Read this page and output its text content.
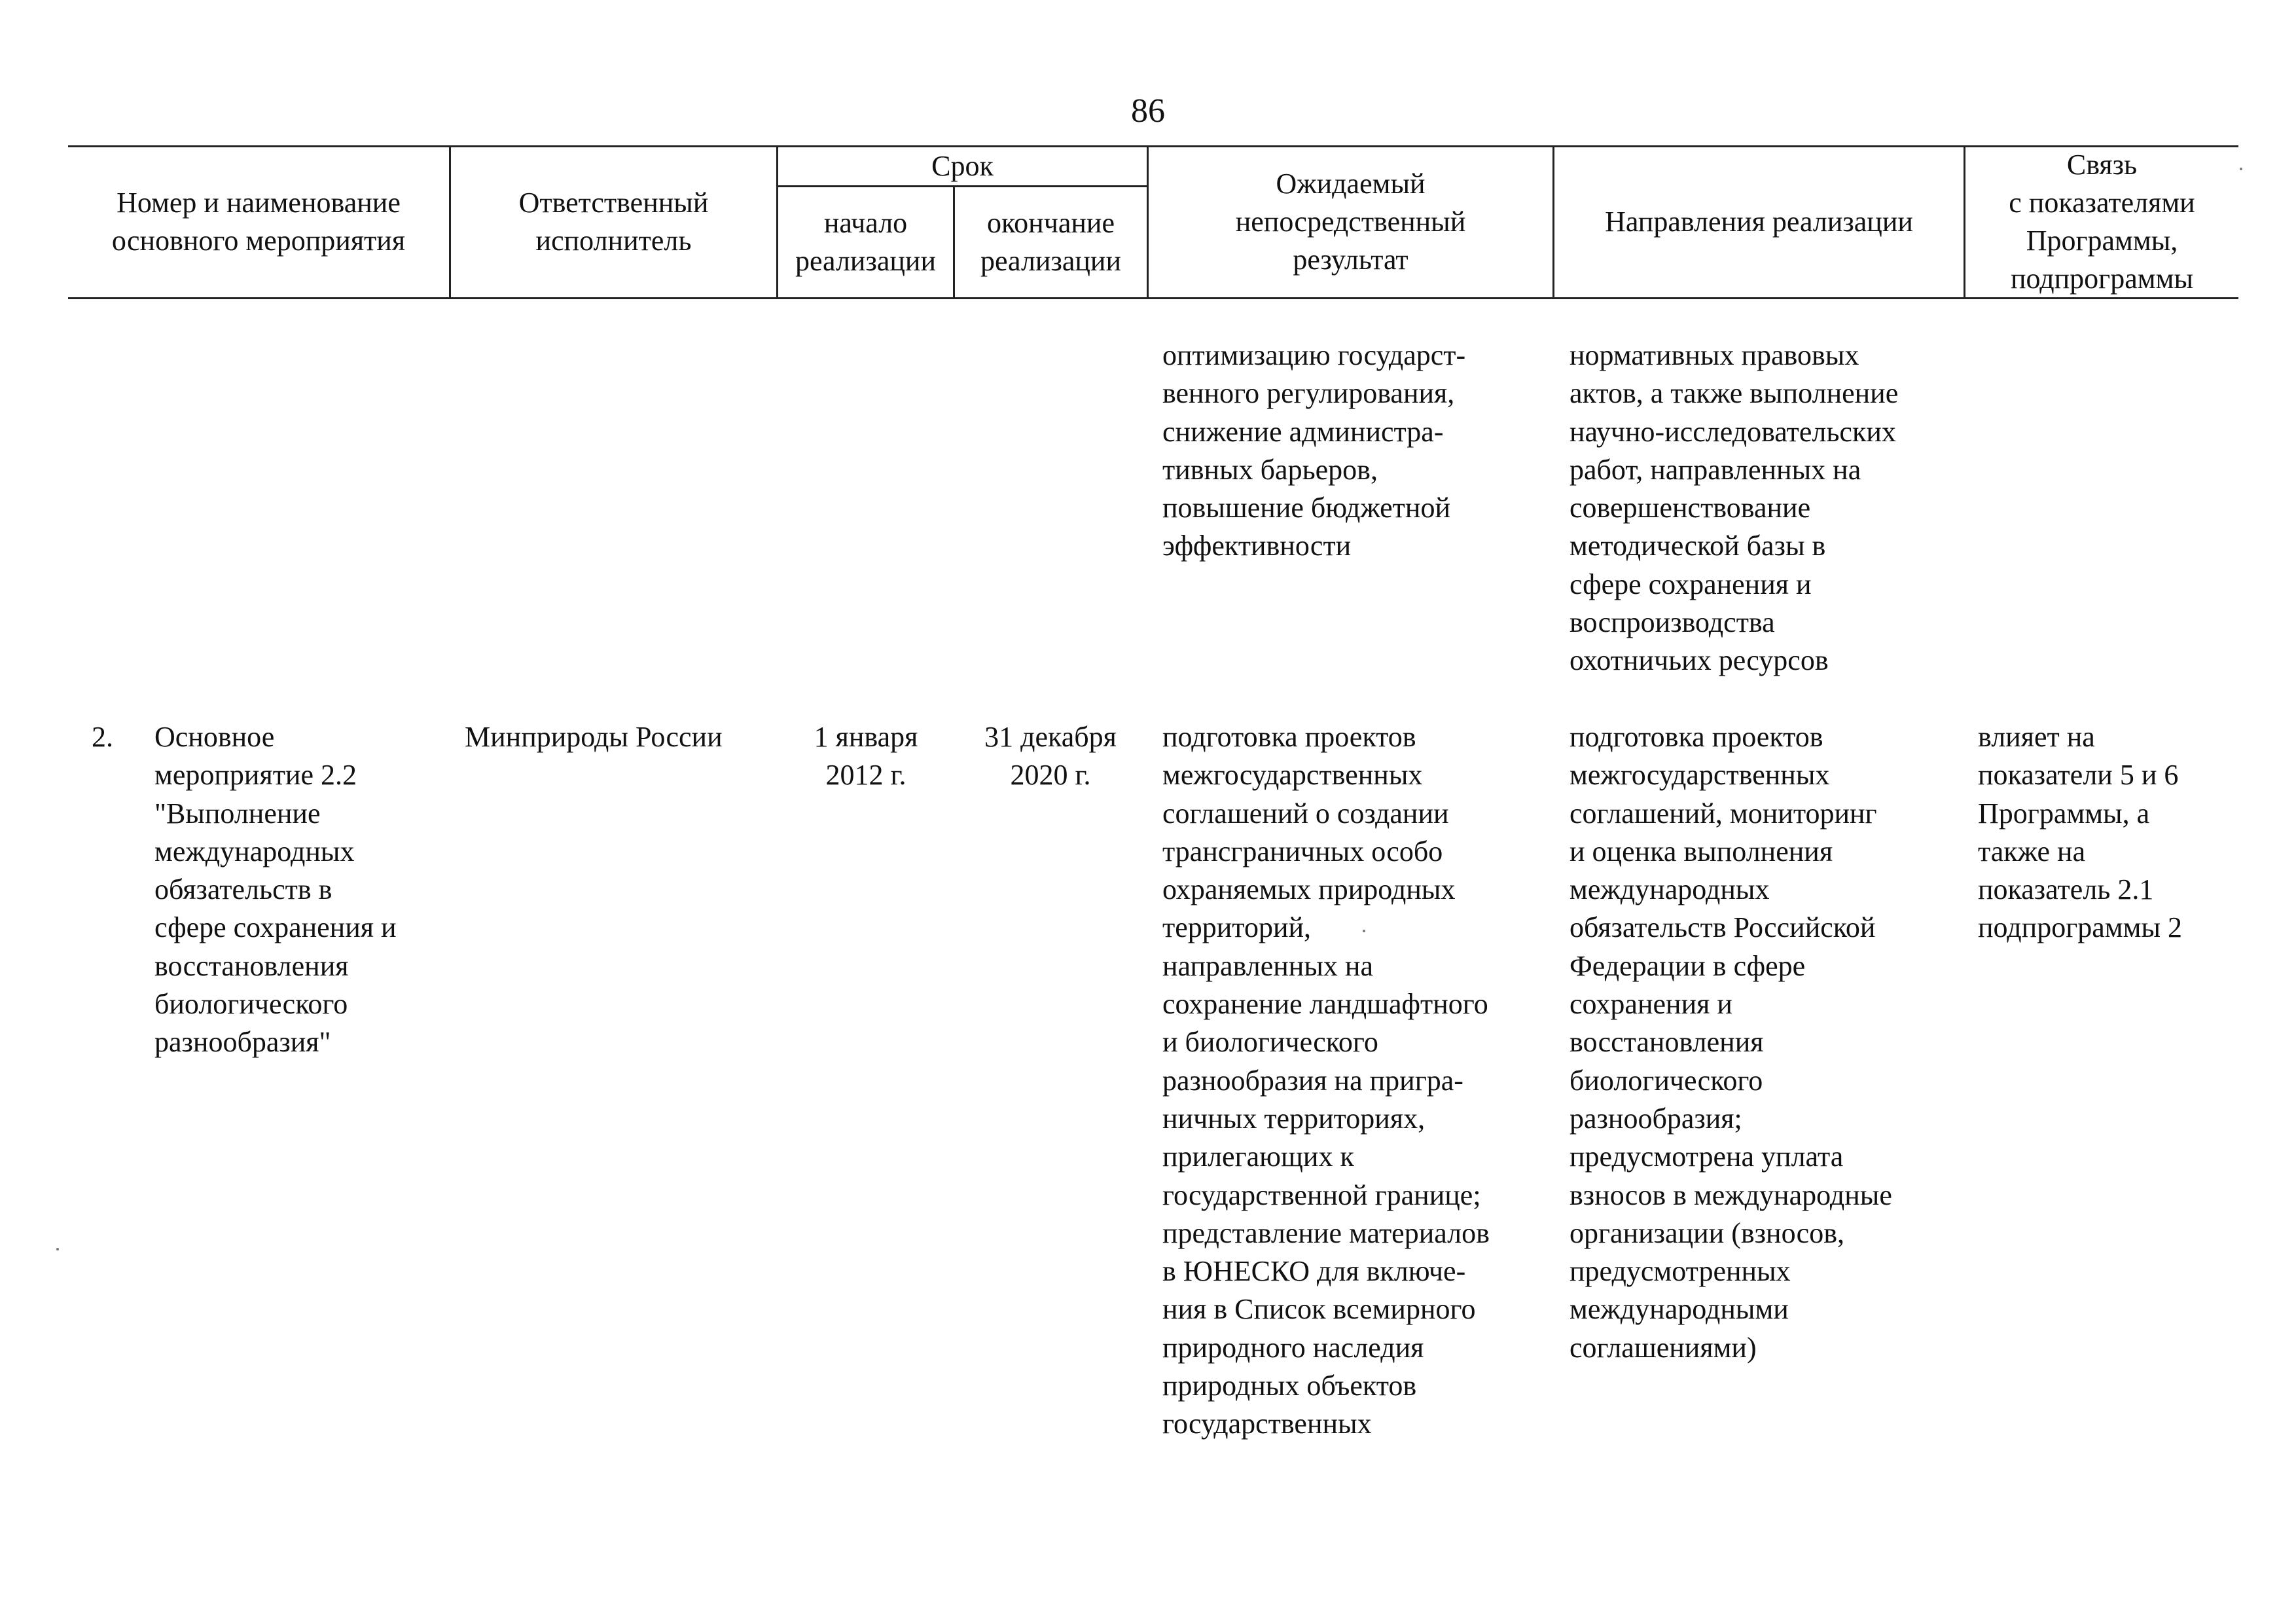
86
Номер и наименование
основного мероприятия
Ответственный
исполнитель
Срок
начало
реализации
окончание
реализации
Ожидаемый
непосредственный
результат
Направления реализации
Связь
с показателями
Программы,
подпрограммы
оптимизацию государст-
венного регулирования,
снижение администра-
тивных барьеров,
повышение бюджетной
эффективности
нормативных правовых
актов, а также выполнение
научно-исследовательских
работ, направленных на
совершенствование
методической базы в
сфере сохранения и
воспроизводства
охотничьих ресурсов
2.	Основное
мероприятие 2.2
"Выполнение
международных
обязательств в
сфере сохранения и
восстановления
биологического
разнообразия"
Минприроды России	1 января
2012 г.
31 декабря
2020 г.
подготовка проектов
межгосударственных
соглашений о создании
трансграничных особо
охраняемых природных
территорий,
направленных на
сохранение ландшафтного
и биологического
разнообразия на пригра-
ничных территориях,
прилегающих к
государственной границе;
представление материалов
в ЮНЕСКО для включе-
ния в Список всемирного
природного наследия
природных объектов
государственных
подготовка проектов
межгосударственных
соглашений, мониторинг
и оценка выполнения
международных
обязательств Российской
Федерации в сфере
сохранения и
восстановления
биологического
разнообразия;
предусмотрена уплата
взносов в международные
организации (взносов,
предусмотренных
международными
соглашениями)
влияет на
показатели 5 и 6
Программы, а
также на
показатель 2.1
подпрограммы 2
